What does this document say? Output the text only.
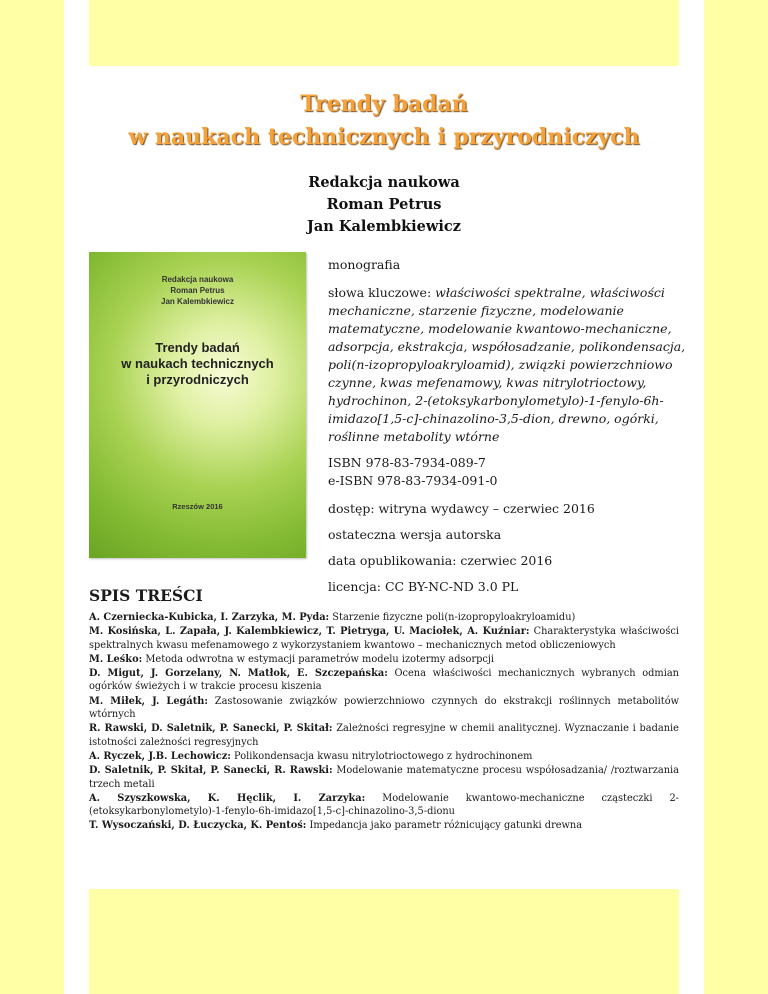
Trendy badań
w naukach technicznych i przyrodniczych
Redakcja naukowa
Roman Petrus
Jan Kalembkiewicz
Redakcja naukowa
Roman Petrus
Jan Kalembkiewicz
Trendy badań
w naukach technicznych
i przyrodniczych
Rzeszów 2016

monografia

słowa kluczowe: właściwości spektralne, właściwości mechaniczne, starzenie fizyczne, modelowanie matematyczne, modelowanie kwantowo-mechaniczne, adsorpcja, ekstrakcja, współosadzanie, polikondensacja, poli(n-izopropyloakryloamid), związki powierzchniowo czynne, kwas mefenamowy, kwas nitrylotrioctowy, hydrochinon, 2-(etoksykarbonylometylo)-1-fenylo-6h-imidazo[1,5-c]-chinazolino-3,5-dion, drewno, ogórki, roślinne metabolity wtórne

ISBN 978-83-7934-089-7

e-ISBN 978-83-7934-091-0

dostęp: witryna wydawcy – czerwiec 2016

ostateczna wersja autorska

data opublikowania: czerwiec 2016

licencja: CC BY-NC-ND 3.0 PL

SPIS TREŚCI
A. Czerniecka-Kubicka, I. Zarzyka, M. Pyda: Starzenie fizyczne poli(n-izopropyloakryloamidu)
M. Kosińska, L. Zapała, J. Kalembkiewicz, T. Pietryga, U. Maciołek, A. Kuźniar: Charakterystyka właściwości spektralnych kwasu mefenamowego z wykorzystaniem kwantowo – mechanicznych metod obliczeniowych
M. Leśko: Metoda odwrotna w estymacji parametrów modelu izotermy adsorpcji
D. Migut, J. Gorzelany, N. Matłok, E. Szczepańska: Ocena właściwości mechanicznych wybranych odmian ogórków świeżych i w trakcie procesu kiszenia
M. Miłek, J. Legáth: Zastosowanie związków powierzchniowo czynnych do ekstrakcji roślinnych metabolitów wtórnych
R. Rawski, D. Saletnik, P. Sanecki, P. Skitał: Zależności regresyjne w chemii analitycznej. Wyznaczanie i badanie istotności zależności regresyjnych
A. Ryczek, J.B. Lechowicz: Polikondensacja kwasu nitrylotrioctowego z hydrochinonem
D. Saletnik, P. Skitał, P. Sanecki, R. Rawski: Modelowanie matematyczne procesu współosadzania/ /roztwarzania trzech metali
A. Szyszkowska, K. Hęclik, I. Zarzyka: Modelowanie kwantowo-mechaniczne cząsteczki 2-(etoksykarbonylometylo)-1-fenylo-6h-imidazo[1,5-c]-chinazolino-3,5-dionu
T. Wysoczański, D. Łuczycka, K. Pentoś: Impedancja jako parametr różnicujący gatunki drewna
